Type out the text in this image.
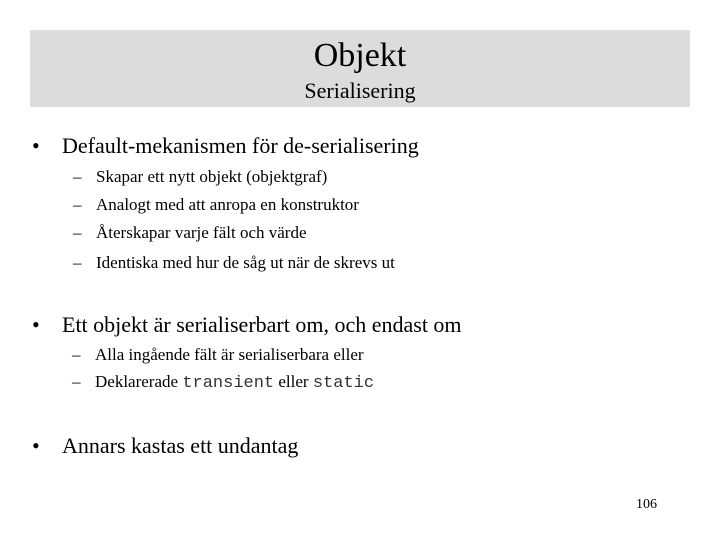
Objekt
Serialisering
•	Default-mekanismen för de-serialisering
– Skapar ett nytt objekt (objektgraf)
– Analogt med att anropa en konstruktor
– Återskapar varje fält och värde
– Identiska med hur de såg ut när de skrevs ut
•	Ett objekt är serialiserbart om, och endast om
– Alla ingående fält är serialiserbara eller
– Deklarerade transient eller static
•	Annars kastas ett undantag
106
